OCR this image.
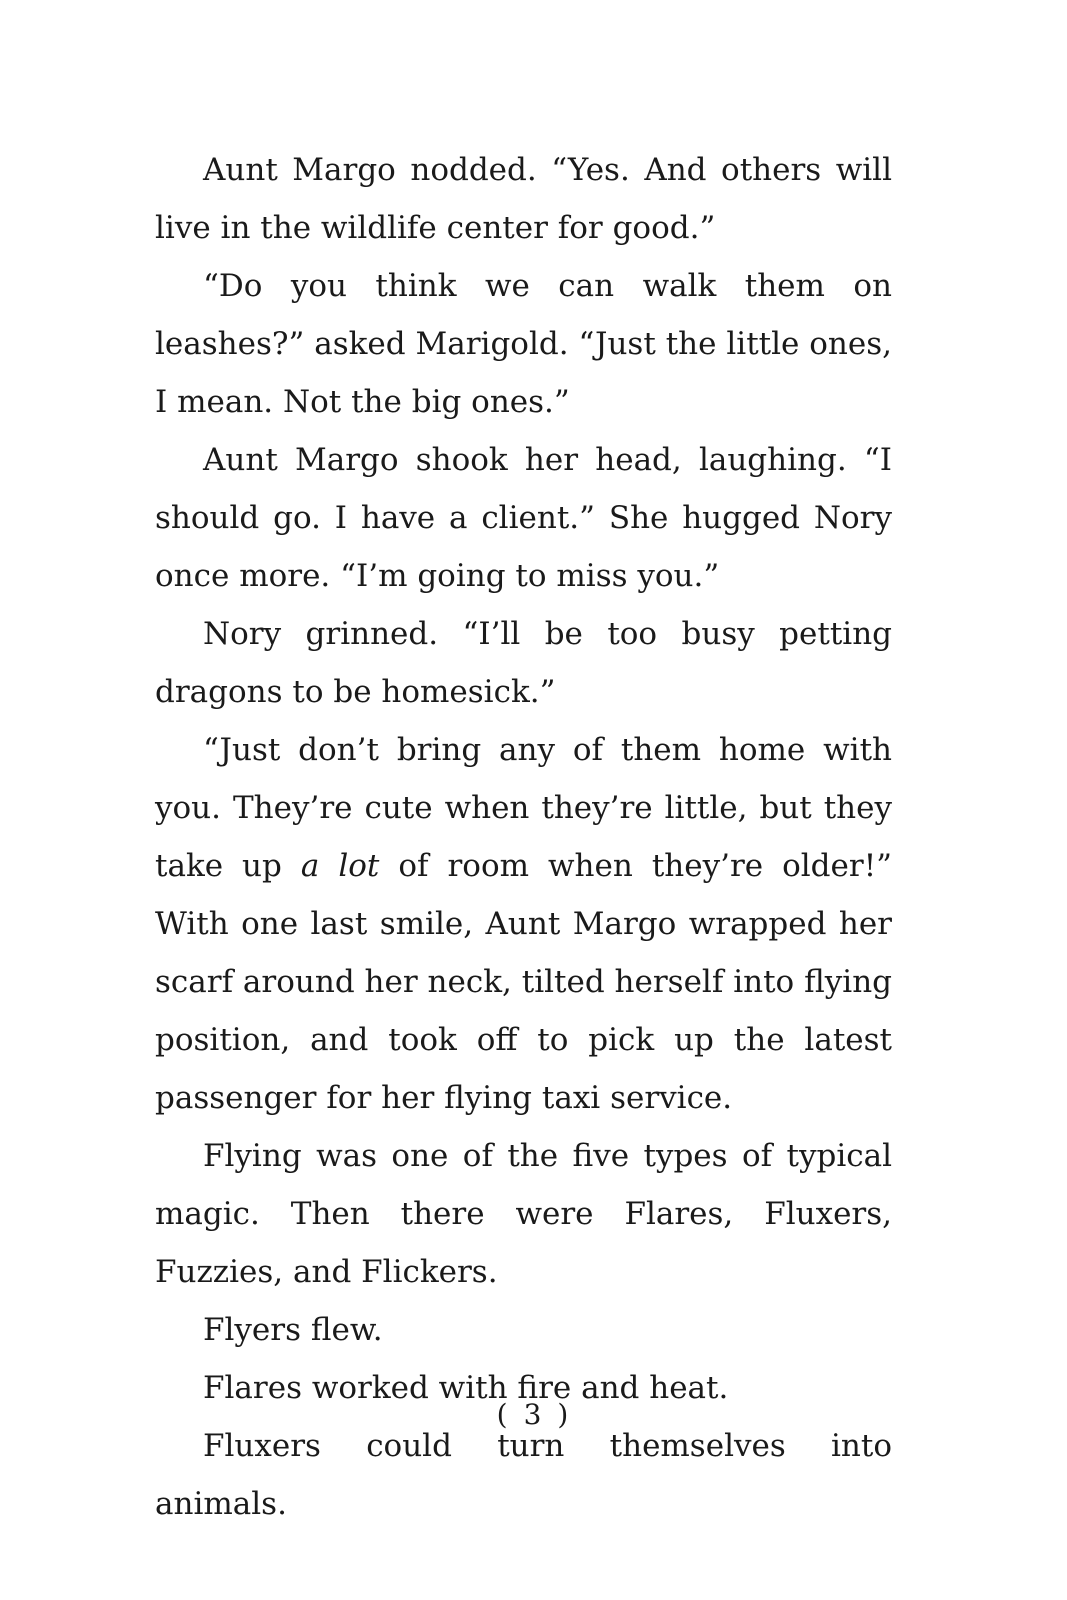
Aunt Margo nodded. “Yes. And others will live in the wildlife center for good.”

“Do you think we can walk them on leashes?” asked Marigold. “Just the little ones, I mean. Not the big ones.”

Aunt Margo shook her head, laughing. “I should go. I have a client.” She hugged Nory once more. “I’m going to miss you.”

Nory grinned. “I’ll be too busy petting dragons to be homesick.”

“Just don’t bring any of them home with you. They’re cute when they’re little, but they take up a lot of room when they’re older!” With one last smile, Aunt Margo wrapped her scarf around her neck, tilted herself into flying position, and took off to pick up the latest passenger for her flying taxi service.

Flying was one of the five types of typical magic. Then there were Flares, Fluxers, Fuzzies, and Flickers.

Flyers flew.

Flares worked with fire and heat.

Fluxers could turn themselves into animals.

( 3 )
